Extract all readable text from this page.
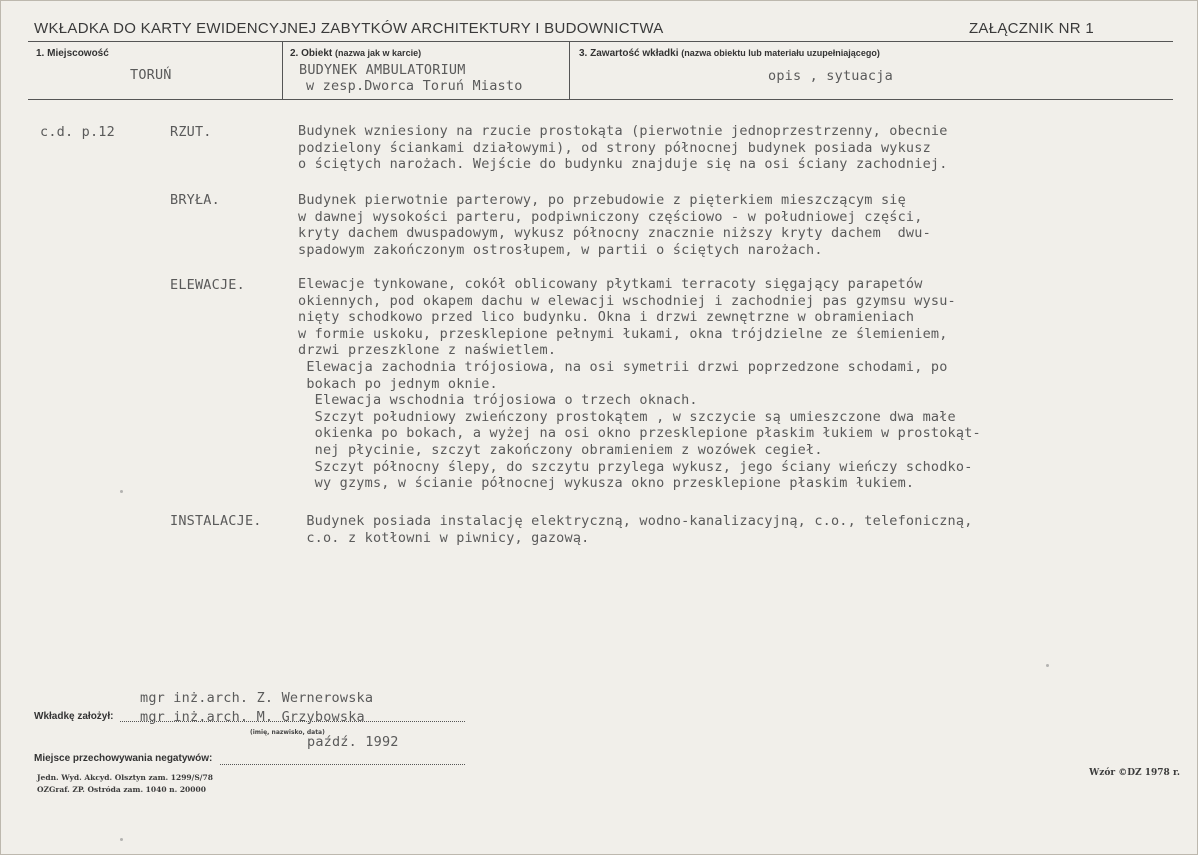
WKŁADKA DO KARTY EWIDENCYJNEJ ZABYTKÓW ARCHITEKTURY I BUDOWNICTWA	ZAŁĄCZNIK NR 1
1. Miejscowość
TORUŃ
2. Obiekt (nazwa jak w karcie)
BUDYNEK AMBULATORIUM
w zesp.Dworca Toruń Miasto
3. Zawartość wkładki (nazwa obiektu lub materiału uzupełniającego)
opis , sytuacja
c.d. p.12	RZUT.	Budynek wzniesiony na rzucie prostokąta (pierwotnie jednoprzestrzenny, obecnie
podzielony ściankami działowymi), od strony północnej budynek posiada wykusz
o ściętych narożach. Wejście do budynku znajduje się na osi ściany zachodniej.
BRYŁA.	Budynek pierwotnie parterowy, po przebudowie z pięterkiem mieszczącym się
w dawnej wysokości parteru, podpiwniczony częściowo - w południowej części,
kryty dachem dwuspadowym, wykusz północny znacznie niższy kryty dachem  dwu-
spadowym zakończonym ostrosłupem, w partii o ściętych narożach.
ELEWACJE.	Elewacje tynkowane, cokół oblicowany płytkami terracoty sięgający parapetów
okiennych, pod okapem dachu w elewacji wschodniej i zachodniej pas gzymsu wysu-
nięty schodkowo przed lico budynku. Okna i drzwi zewnętrzne w obramieniach
w formie uskoku, przesklepione pełnymi łukami, okna trójdzielne ze ślemieniem,
drzwi przeszklone z naświetlem.
Elewacja zachodnia trójosiowa, na osi symetrii drzwi poprzedzone schodami, po
bokach po jednym oknie.
Elewacja wschodnia trójosiowa o trzech oknach.
Szczyt południowy zwieńczony prostokątem , w szczycie są umieszczone dwa małe
okienka po bokach, a wyżej na osi okno przesklepione płaskim łukiem w prostokąt-
nej płycinie, szczyt zakończony obramieniem z wozówek cegieł.
Szczyt północny ślepy, do szczytu przylega wykusz, jego ściany wieńczy schodko-
wy gzyms, w ścianie północnej wykusza okno przesklepione płaskim łukiem.
INSTALACJE.	Budynek posiada instalację elektryczną, wodno-kanalizacyjną, c.o., telefoniczną,
c.o. z kotłowni w piwnicy, gazową.
mgr inż.arch. Z. Wernerowska
Wkładkę założył: mgr inż.arch. M. Grzybowska
(imię, nazwisko, data)
paźdź. 1992
Miejsce przechowywania negatywów:
Jedn. Wyd. Akcyd. Olsztyn zam. 1299/S/78
OZGraf. ZP. Ostróda zam. 1040 n. 20000
Wzór ©DZ 1978 r.
